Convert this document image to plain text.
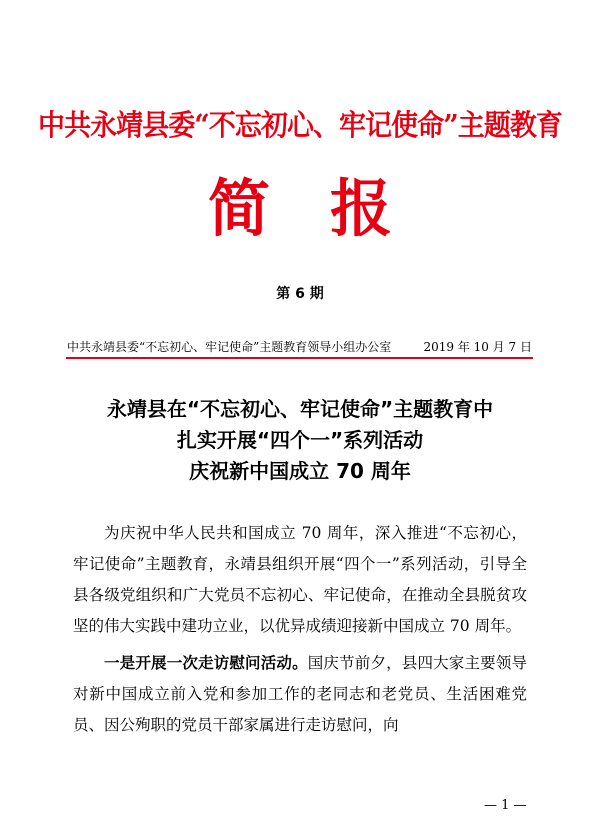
中共永靖县委“不忘初心、牢记使命”主题教育
简报
第 6 期
中共永靖县委“不忘初心、牢记使命”主题教育领导小组办公室	2019 年 10 月 7 日
永靖县在“不忘初心、牢记使命”主题教育中
扎实开展“四个一”系列活动
庆祝新中国成立 70 周年

为庆祝中华人民共和国成立 70 周年，深入推进“不忘初心，牢记使命”主题教育，永靖县组织开展“四个一”系列活动，引导全县各级党组织和广大党员不忘初心、牢记使命，在推动全县脱贫攻坚的伟大实践中建功立业，以优异成绩迎接新中国成立 70 周年。

一是开展一次走访慰问活动。国庆节前夕，县四大家主要领导对新中国成立前入党和参加工作的老同志和老党员、生活困难党员、因公殉职的党员干部家属进行走访慰问，向

— 1 —
